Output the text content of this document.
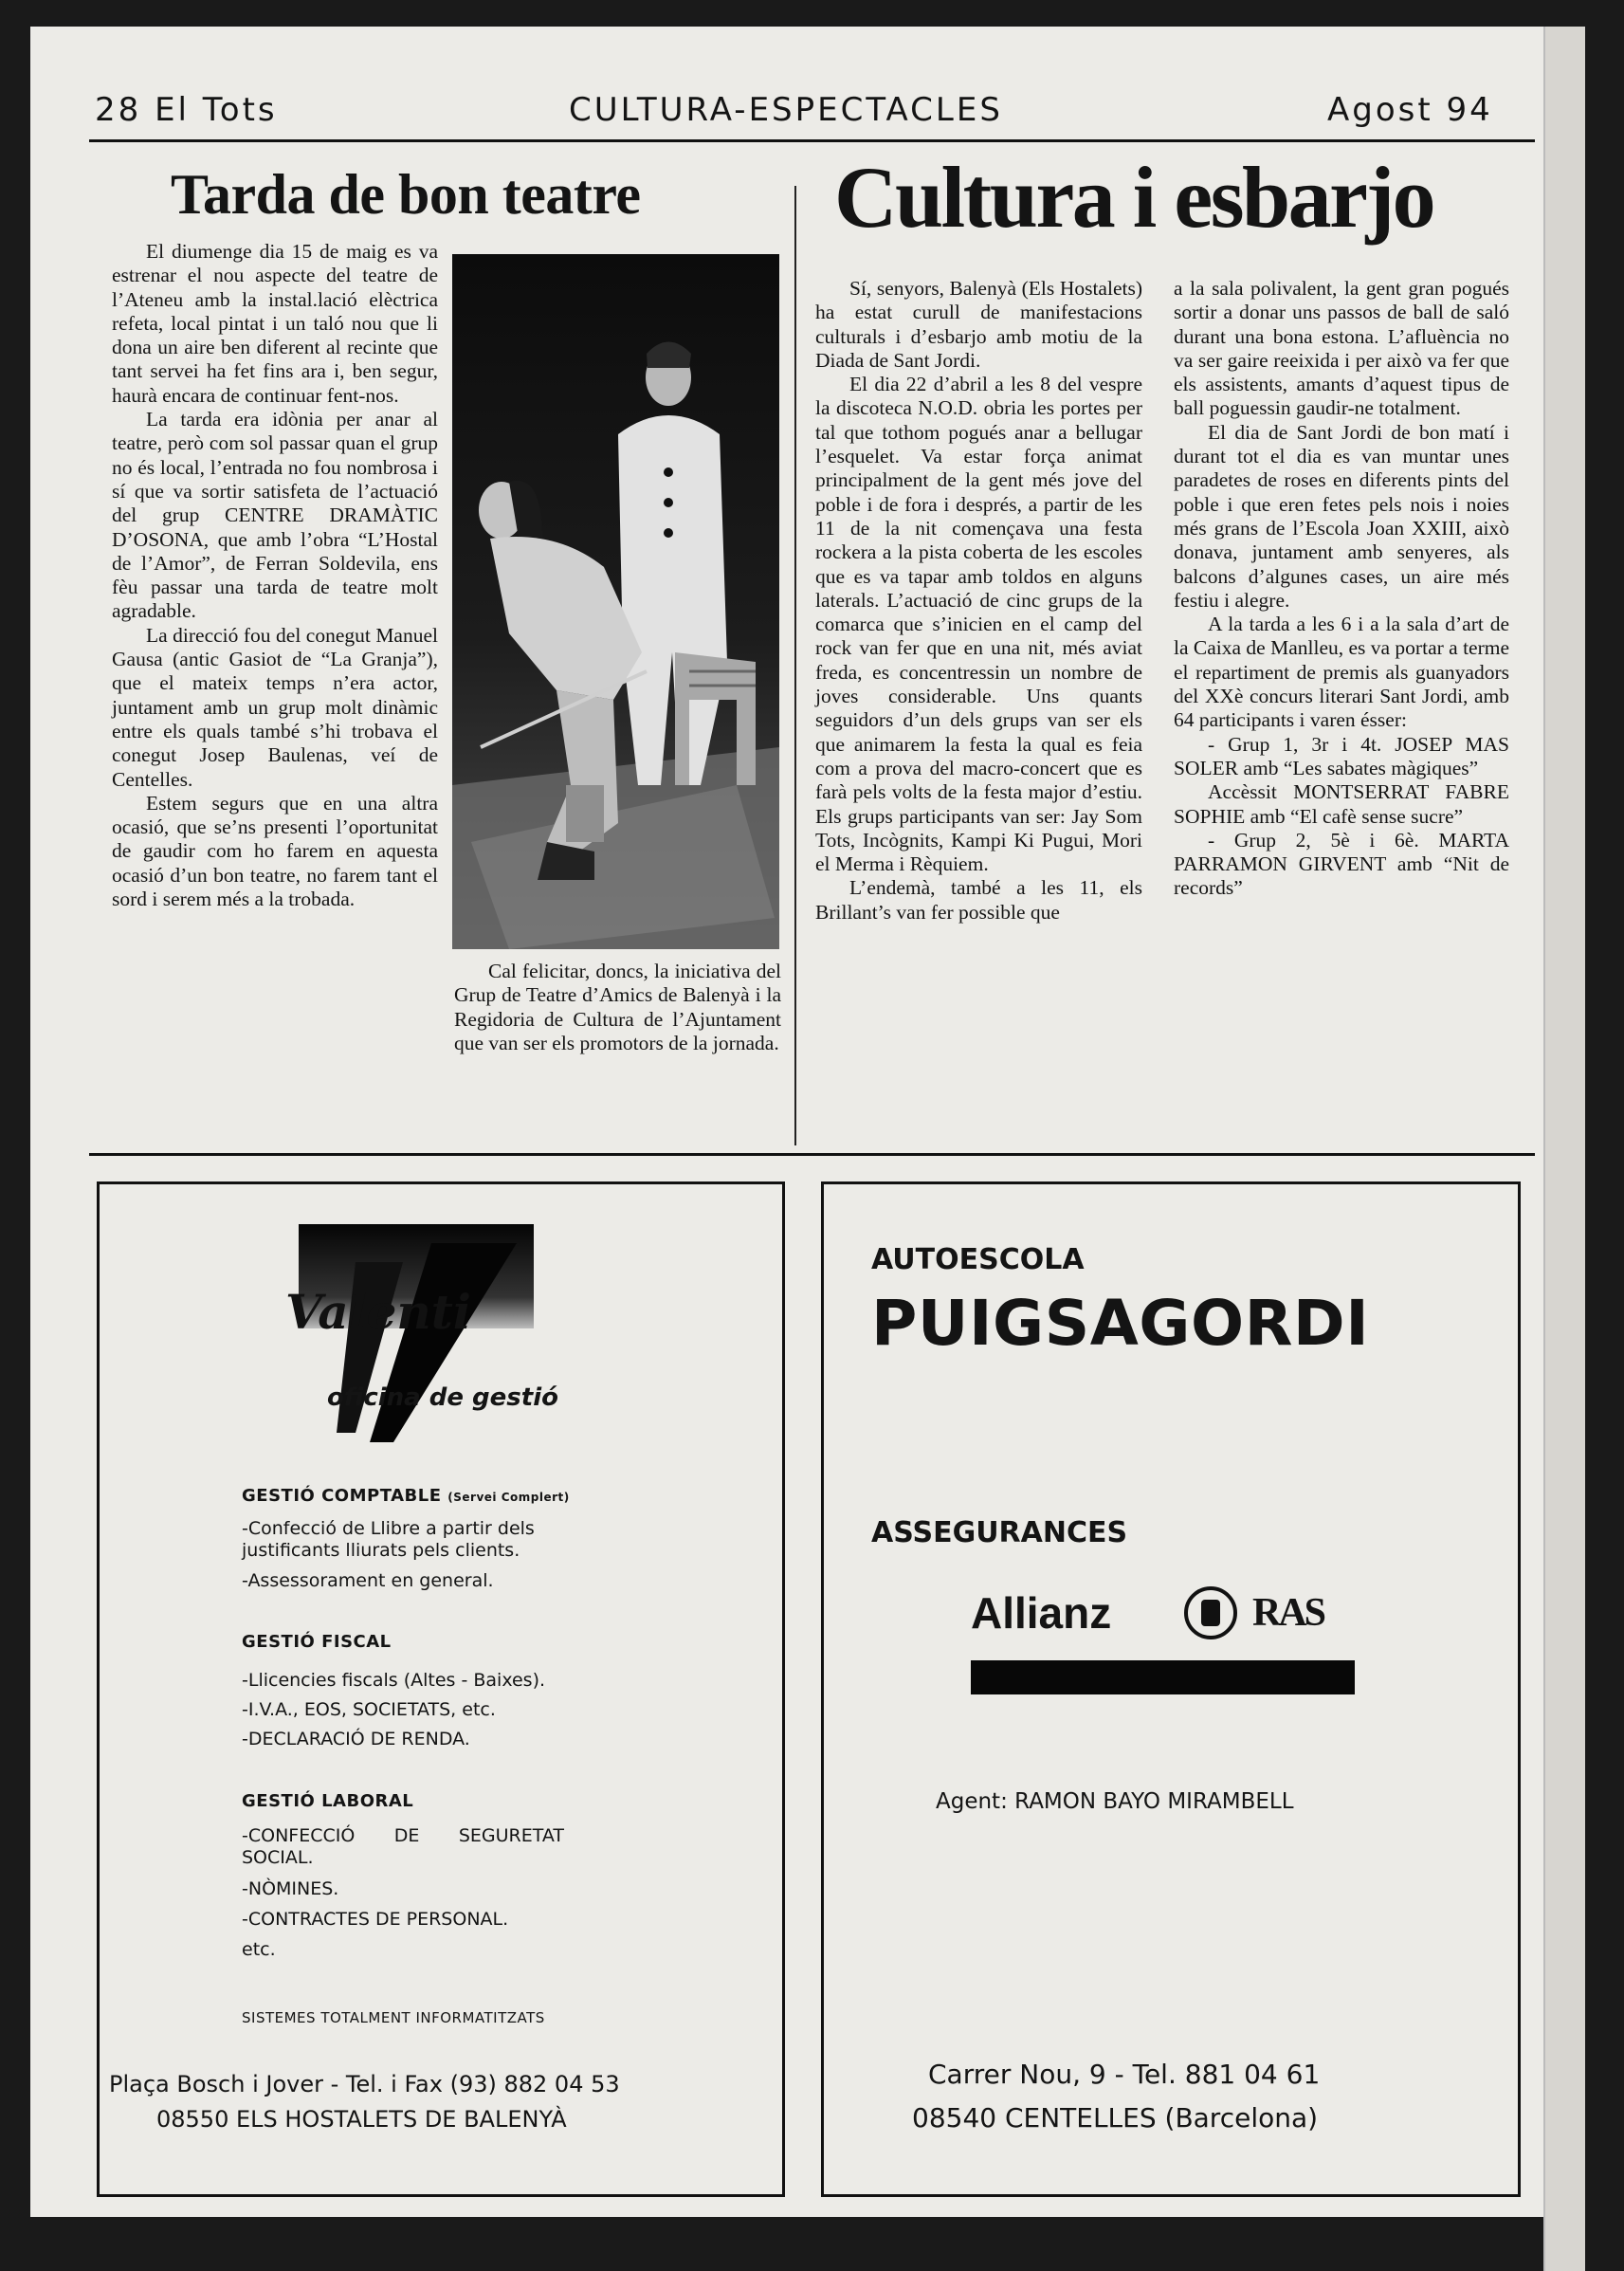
28 El Tots	CULTURA-ESPECTACLES	Agost 94
Tarda de bon teatre

El diumenge dia 15 de maig es va estrenar el nou aspecte del teatre de l’Ateneu amb la instal.lació elèctrica refeta, local pintat i un taló nou que li dona un aire ben diferent al recinte que tant servei ha fet fins ara i, ben segur, haurà encara de continuar fent-nos.

La tarda era idònia per anar al teatre, però com sol passar quan el grup no és local, l’entrada no fou nombrosa i sí que va sortir satisfeta de l’actuació del grup CENTRE DRAMÀTIC D’OSONA, que amb l’obra “L’Hostal de l’Amor”, de Ferran Soldevila, ens fèu passar una tarda de teatre molt agradable.

La direcció fou del conegut Manuel Gausa (antic Gasiot de “La Granja”), que el mateix temps n’era actor, juntament amb un grup molt dinàmic entre els quals també s’hi trobava el conegut Josep Baulenas, veí de Centelles.

Estem segurs que en una altra ocasió, que se’ns presenti l’oportunitat de gaudir com ho farem en aquesta ocasió d’un bon teatre, no farem tant el sord i serem més a la trobada.

Cal felicitar, doncs, la iniciativa del Grup de Teatre d’Amics de Balenyà i la Regidoria de Cultura de l’Ajuntament que van ser els promotors de la jornada.

Cultura i esbarjo

Sí, senyors, Balenyà (Els Hostalets) ha estat curull de manifestacions culturals i d’esbarjo amb motiu de la Diada de Sant Jordi.

El dia 22 d’abril a les 8 del vespre la discoteca N.O.D. obria les portes per tal que tothom pogués anar a bellugar l’esquelet. Va estar força animat principalment de la gent més jove del poble i de fora i després, a partir de les 11 de la nit començava una festa rockera a la pista coberta de les escoles que es va tapar amb toldos en alguns laterals. L’actuació de cinc grups de la comarca que s’inicien en el camp del rock van fer que en una nit, més aviat freda, es concentressin un nombre de joves considerable. Uns quants seguidors d’un dels grups van ser els que animarem la festa la qual es feia com a prova del macro-concert que es farà pels volts de la festa major d’estiu. Els grups participants van ser: Jay Som Tots, Incògnits, Kampi Ki Pugui, Mori el Merma i Rèquiem.

L’endemà, també a les 11, els Brillant’s van fer possible que

a la sala polivalent, la gent gran pogués sortir a donar uns passos de ball de saló durant una bona estona. L’afluència no va ser gaire reeixida i per això va fer que els assistents, amants d’aquest tipus de ball poguessin gaudir-ne totalment.

El dia de Sant Jordi de bon matí i durant tot el dia es van muntar unes paradetes de roses en diferents pints del poble i que eren fetes pels nois i noies més grans de l’Escola Joan XXIII, això donava, juntament amb senyeres, als balcons d’algunes cases, un aire més festiu i alegre.

A la tarda a les 6 i a la sala d’art de la Caixa de Manlleu, es va portar a terme el repartiment de premis als guanyadors del XXè concurs literari Sant Jordi, amb 64 participants i varen ésser:

- Grup 1, 3r i 4t. JOSEP MAS SOLER amb “Les sabates màgiques”

Accèssit MONTSERRAT FABRE SOPHIE amb “El cafè sense sucre”

- Grup 2, 5è i 6è. MARTA PARRAMON GIRVENT amb “Nit de records”

Valenti
oficina de gestió
GESTIÓ COMPTABLE (Servei Complert)
-Confecció de Llibre a partir dels justificants lliurats pels clients.
-Assessorament en general.
GESTIÓ FISCAL
-Llicencies fiscals (Altes - Baixes).
-I.V.A., EOS, SOCIETATS, etc.
-DECLARACIÓ DE RENDA.
GESTIÓ LABORAL
-CONFECCIÓ DE SEGURETAT SOCIAL.
-NÒMINES.
-CONTRACTES DE PERSONAL.
etc.
SISTEMES TOTALMENT INFORMATITZATS
Plaça Bosch i Jover - Tel. i Fax (93) 882 04 53
08550 ELS HOSTALETS DE BALENYÀ
AUTOESCOLA
PUIGSAGORDI
ASSEGURANCES
Allianz	RAS
Agent: RAMON BAYO MIRAMBELL
Carrer Nou, 9 - Tel. 881 04 61
08540 CENTELLES (Barcelona)
